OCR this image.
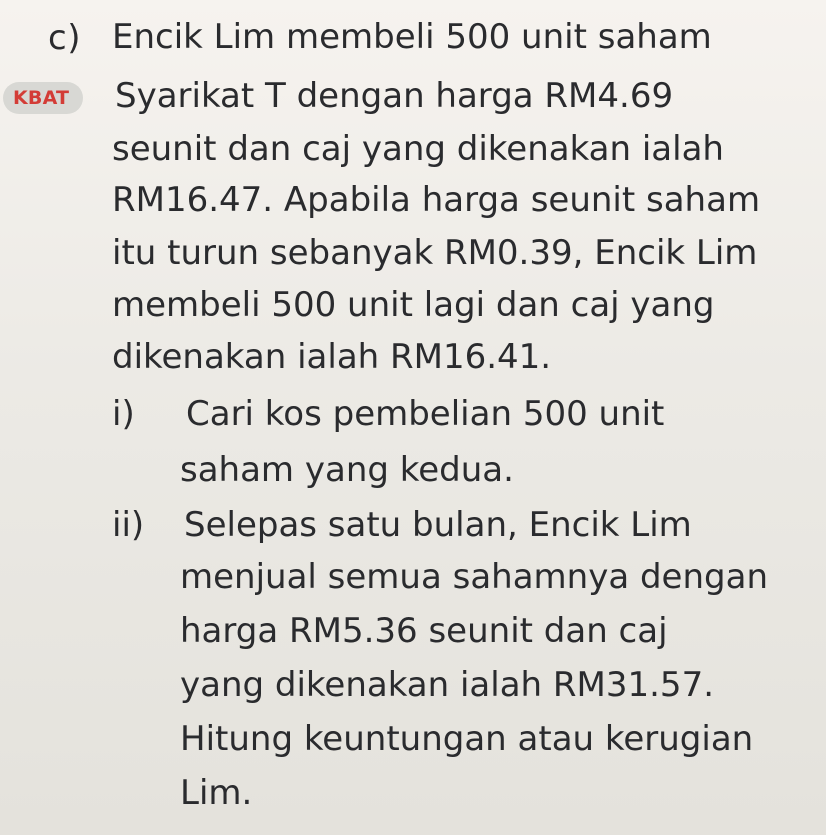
c)
KBAT
Encik Lim membeli 500 unit saham
Syarikat T dengan harga RM4.69
seunit dan caj yang dikenakan ialah
RM16.47. Apabila harga seunit saham
itu turun sebanyak RM0.39, Encik Lim
membeli 500 unit lagi dan caj yang
dikenakan ialah RM16.41.
i) Cari kos pembelian 500 unit
saham yang kedua.
ii) Selepas satu bulan, Encik Lim
menjual semua sahamnya dengan
harga RM5.36 seunit dan caj
yang dikenakan ialah RM31.57.
Hitung keuntungan atau kerugian
Lim.
